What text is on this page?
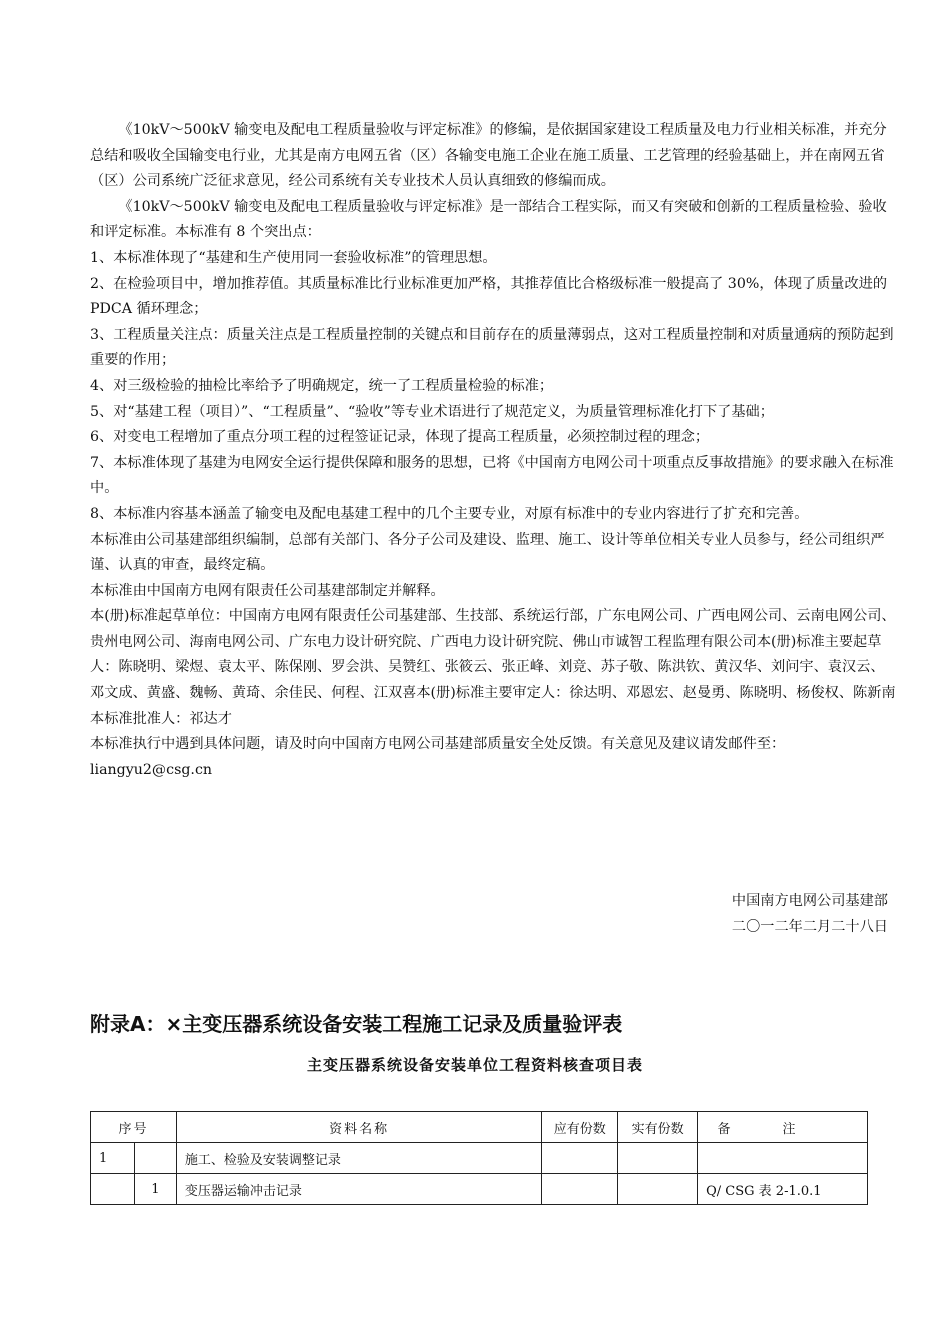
《10kV～500kV 输变电及配电工程质量验收与评定标准》的修编，是依据国家建设工程质量及电力行业相关标准，并充分总结和吸收全国输变电行业，尤其是南方电网五省（区）各输变电施工企业在施工质量、工艺管理的经验基础上，并在南网五省（区）公司系统广泛征求意见，经公司系统有关专业技术人员认真细致的修编而成。

《10kV～500kV 输变电及配电工程质量验收与评定标准》是一部结合工程实际，而又有突破和创新的工程质量检验、验收和评定标准。本标准有 8 个突出点：

1、本标准体现了“基建和生产使用同一套验收标准”的管理思想。

2、在检验项目中，增加推荐值。其质量标准比行业标准更加严格，其推荐值比合格级标准一般提高了 30%，体现了质量改进的 PDCA 循环理念；

3、工程质量关注点：质量关注点是工程质量控制的关键点和目前存在的质量薄弱点，这对工程质量控制和对质量通病的预防起到重要的作用；

4、对三级检验的抽检比率给予了明确规定，统一了工程质量检验的标准；

5、对“基建工程（项目）”、“工程质量”、“验收”等专业术语进行了规范定义，为质量管理标准化打下了基础；

6、对变电工程增加了重点分项工程的过程签证记录，体现了提高工程质量，必须控制过程的理念；

7、本标准体现了基建为电网安全运行提供保障和服务的思想，已将《中国南方电网公司十项重点反事故措施》的要求融入在标准中。

8、本标准内容基本涵盖了输变电及配电基建工程中的几个主要专业，对原有标准中的专业内容进行了扩充和完善。

本标准由公司基建部组织编制，总部有关部门、各分子公司及建设、监理、施工、设计等单位相关专业人员参与，经公司组织严谨、认真的审查，最终定稿。

本标准由中国南方电网有限责任公司基建部制定并解释。

本(册)标准起草单位：中国南方电网有限责任公司基建部、生技部、系统运行部，广东电网公司、广西电网公司、云南电网公司、贵州电网公司、海南电网公司、广东电力设计研究院、广西电力设计研究院、佛山市诚智工程监理有限公司本(册)标准主要起草人：陈晓明、梁煜、袁太平、陈保刚、罗会洪、吴赞红、张筱云、张正峰、刘竞、苏子敬、陈洪钦、黄汉华、刘问宇、袁汉云、邓文成、黄盛、魏畅、黄琦、余佳民、何程、江双喜本(册)标准主要审定人：徐达明、邓恩宏、赵曼勇、陈晓明、杨俊权、陈新南本标准批准人：祁达才

本标准执行中遇到具体问题，请及时向中国南方电网公司基建部质量安全处反馈。有关意见及建议请发邮件至：liangyu2@csg.cn

中国南方电网公司基建部
二〇一二年二月二十八日
附录A：×主变压器系统设备安装工程施工记录及质量验评表
主变压器系统设备安装单位工程资料核查项目表
序号		资料名称	应有份数	实有份数	备注
1		施工、检验及安装调整记录			
	1	变压器运输冲击记录			Q/ CSG 表 2-1.0.1
